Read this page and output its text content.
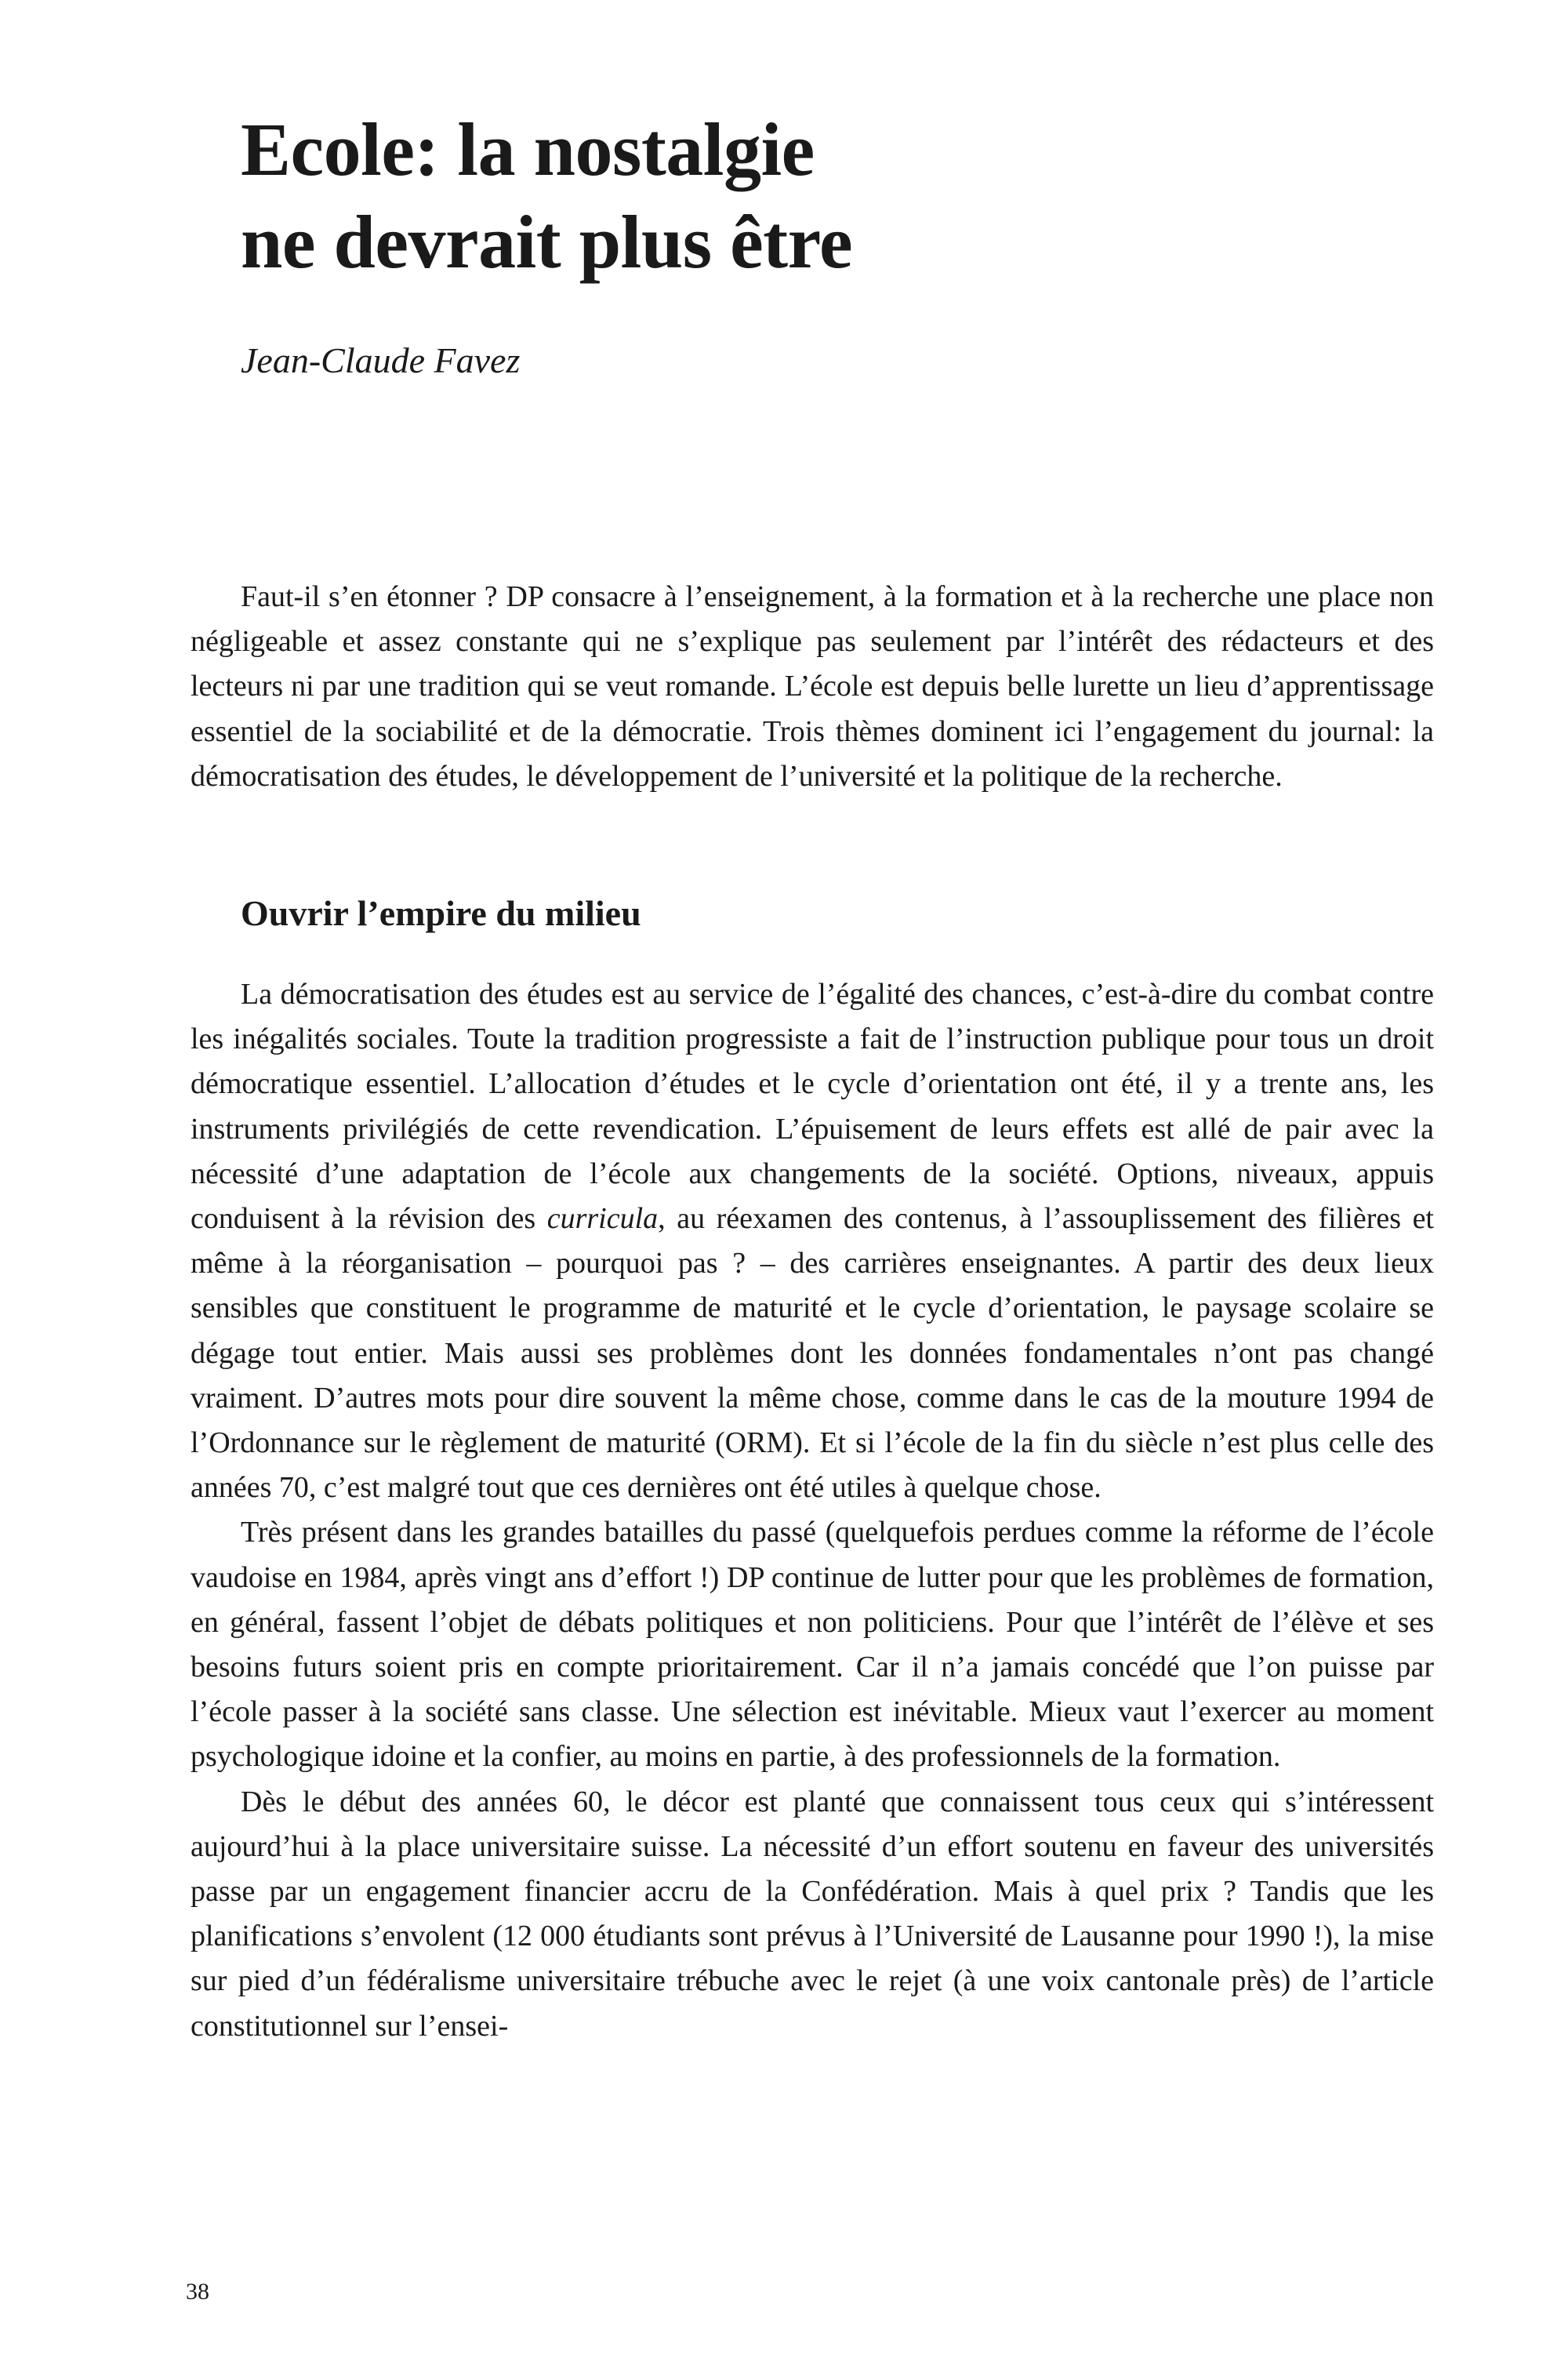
Ecole: la nostalgie
ne devrait plus être

Jean-Claude Favez

Faut-il s’en étonner ? DP consacre à l’enseignement, à la formation et à la recherche une place non négligeable et assez constante qui ne s’explique pas seulement par l’intérêt des rédacteurs et des lecteurs ni par une tradition qui se veut romande. L’école est depuis belle lurette un lieu d’apprentissage essentiel de la sociabilité et de la démocratie. Trois thèmes dominent ici l’engagement du journal: la démocratisation des études, le développement de l’université et la politique de la recherche.

Ouvrir l’empire du milieu

La démocratisation des études est au service de l’égalité des chances, c’est-à-dire du combat contre les inégalités sociales. Toute la tradition progressiste a fait de l’instruction publique pour tous un droit démocratique essentiel. L’allocation d’études et le cycle d’orientation ont été, il y a trente ans, les instruments privilégiés de cette revendication. L’épuisement de leurs effets est allé de pair avec la nécessité d’une adaptation de l’école aux changements de la société. Options, niveaux, appuis conduisent à la révision des curricula, au réexamen des contenus, à l’assouplissement des filières et même à la réorganisation – pourquoi pas ? – des carrières enseignantes. A partir des deux lieux sensibles que constituent le programme de maturité et le cycle d’orientation, le paysage scolaire se dégage tout entier. Mais aussi ses problèmes dont les données fondamentales n’ont pas changé vraiment. D’autres mots pour dire souvent la même chose, comme dans le cas de la mouture 1994 de l’Ordonnance sur le règlement de maturité (ORM). Et si l’école de la fin du siècle n’est plus celle des années 70, c’est malgré tout que ces dernières ont été utiles à quelque chose.

Très présent dans les grandes batailles du passé (quelquefois perdues comme la réforme de l’école vaudoise en 1984, après vingt ans d’effort !) DP continue de lutter pour que les problèmes de formation, en général, fassent l’objet de débats politiques et non politiciens. Pour que l’intérêt de l’élève et ses besoins futurs soient pris en compte prioritairement. Car il n’a jamais concédé que l’on puisse par l’école passer à la société sans classe. Une sélection est inévitable. Mieux vaut l’exercer au moment psychologique idoine et la confier, au moins en partie, à des professionnels de la formation.

Dès le début des années 60, le décor est planté que connaissent tous ceux qui s’intéressent aujourd’hui à la place universitaire suisse. La nécessité d’un effort soutenu en faveur des universités passe par un engagement financier accru de la Confédération. Mais à quel prix ? Tandis que les planifications s’envolent (12 000 étudiants sont prévus à l’Université de Lausanne pour 1990 !), la mise sur pied d’un fédéralisme universitaire trébuche avec le rejet (à une voix cantonale près) de l’article constitutionnel sur l’ensei-

38
